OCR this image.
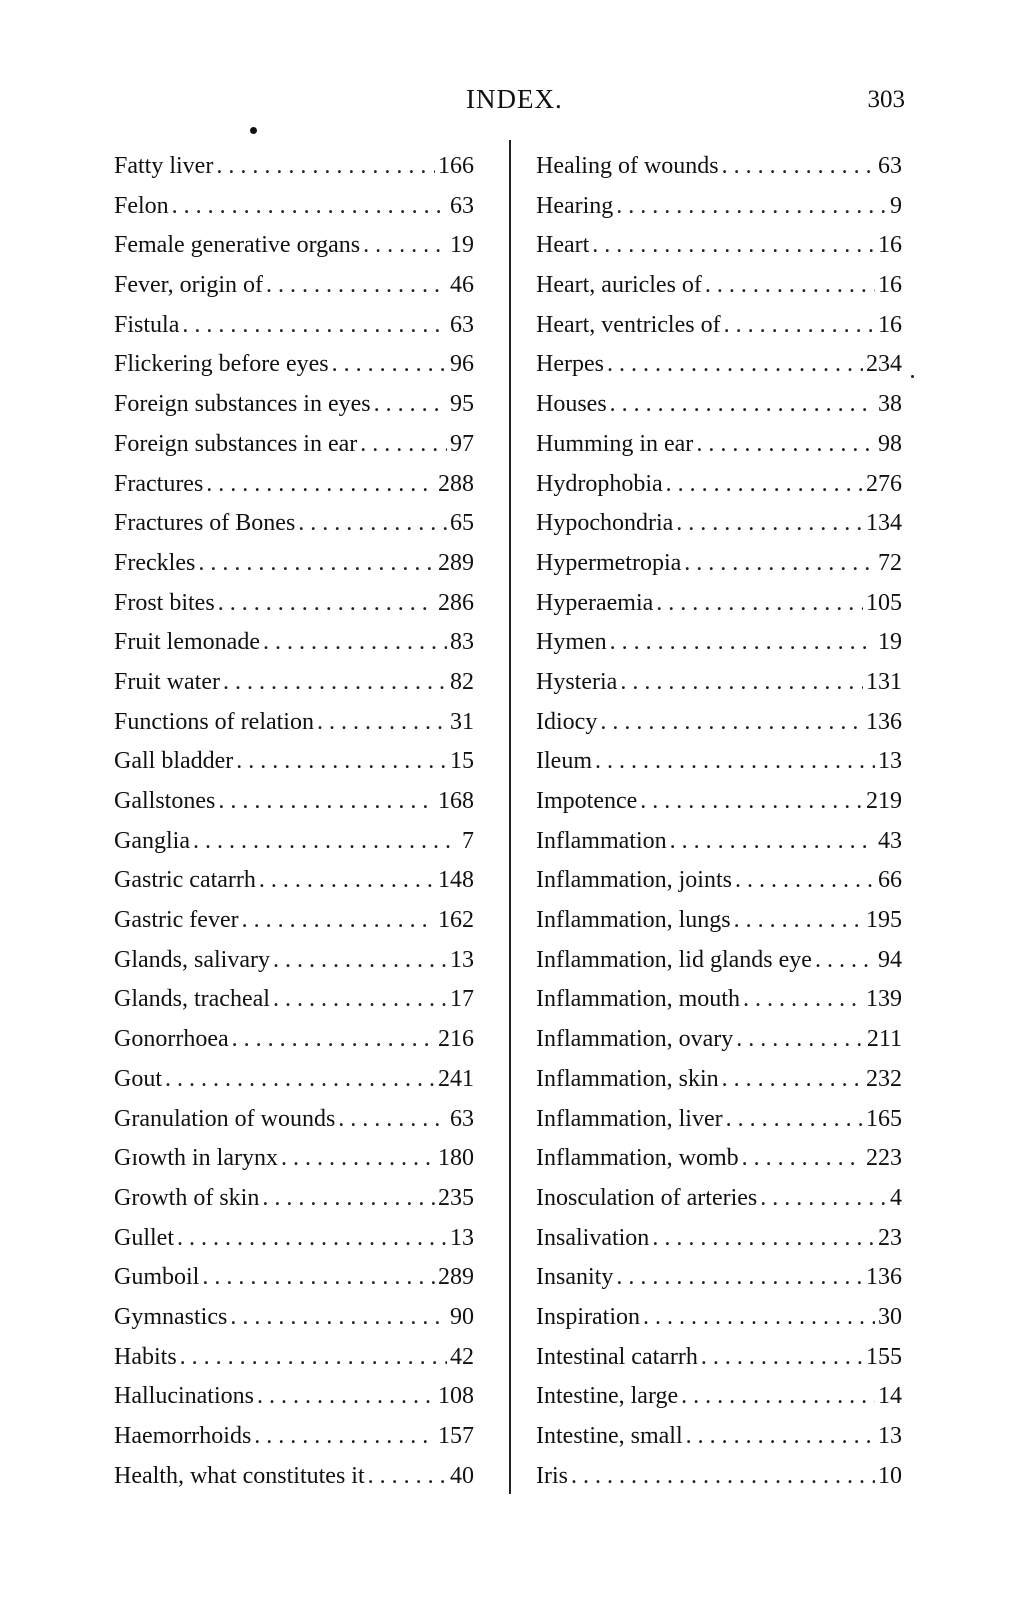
INDEX.	303
Fatty liver . . .	166
Felon . . .	63
Female generative organs . . .	19
Fever, origin of . . .	46
Fistula . . .	63
Flickering before eyes . . .	96
Foreign substances in eyes . . .	95
Foreign substances in ear . . .	97
Fractures . . .	288
Fractures of Bones . . .	65
Freckles . . .	289
Frost bites . . .	286
Fruit lemonade . . .	83
Fruit water . . .	82
Functions of relation . . .	31
Gall bladder . . .	15
Gallstones . . .	168
Ganglia . . .	7
Gastric catarrh . . .	148
Gastric fever . . .	162
Glands, salivary . . .	13
Glands, tracheal . . .	17
Gonorrhoea . . .	216
Gout . . .	241
Granulation of wounds . . .	63
Gɪowth in larynx . . .	180
Growth of skin . . .	235
Gullet . . .	13
Gumboil . . .	289
Gymnastics . . .	90
Habits . . .	42
Hallucinations . . .	108
Haemorrhoids . . .	157
Health, what constitutes it . . .	40
Healing of wounds . . .	63
Hearing . . .	9
Heart . . .	16
Heart, auricles of . . .	16
Heart, ventricles of . . .	16
Herpes . . .	234
Houses . . .	38
Humming in ear . . .	98
Hydrophobia . . .	276
Hypochondria . . .	134
Hypermetropia . . .	72
Hyperaemia . . .	105
Hymen . . .	19
Hysteria . . .	131
Idiocy . . .	136
Ileum . . .	13
Impotence . . .	219
Inflammation . . .	43
Inflammation, joints . . .	66
Inflammation, lungs . . .	195
Inflammation, lid glands eye . . .	94
Inflammation, mouth . . .	139
Inflammation, ovary . . .	211
Inflammation, skin . . .	232
Inflammation, liver . . .	165
Inflammation, womb . . .	223
Inosculation of arteries . . .	4
Insalivation . . .	23
Insanity . . .	136
Inspiration . . .	30
Intestinal catarrh . . .	155
Intestine, large . . .	14
Intestine, small . . .	13
Iris . . .	10
